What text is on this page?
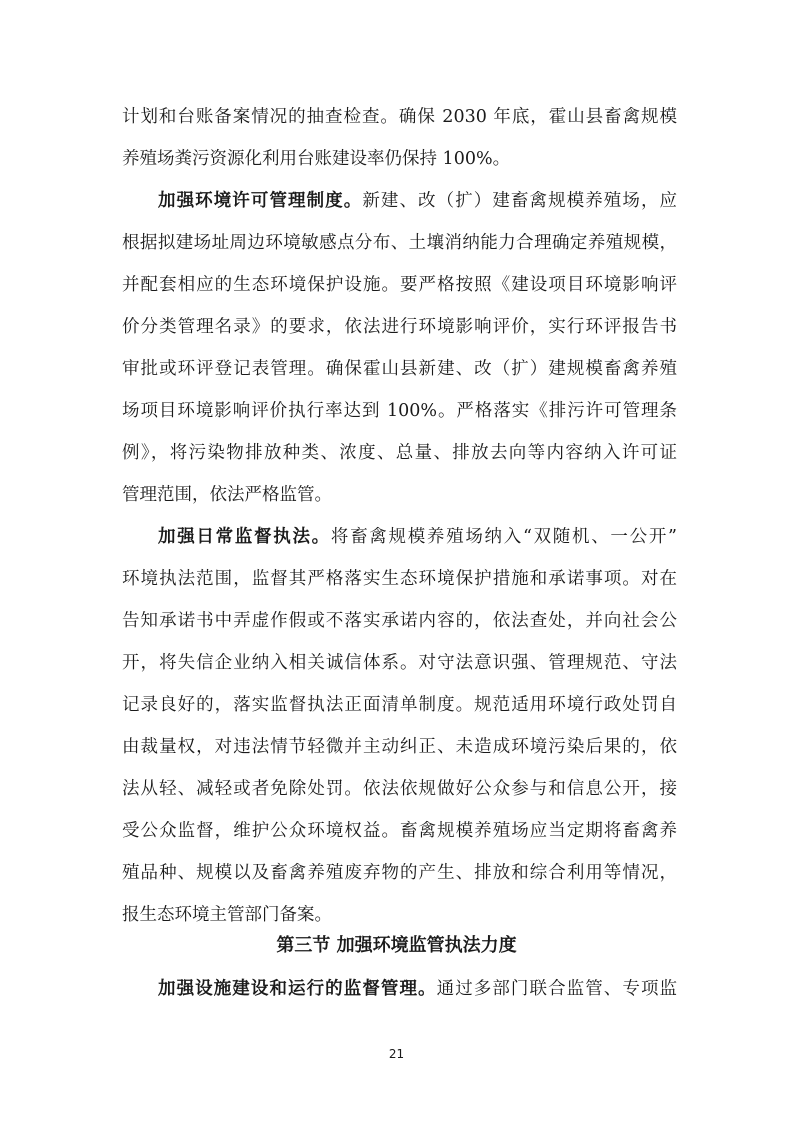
计划和台账备案情况的抽查检查。确保 2030 年底，霍山县畜禽规模
养殖场粪污资源化利用台账建设率仍保持 100%。
加强环境许可管理制度。新建、改（扩）建畜禽规模养殖场，应
根据拟建场址周边环境敏感点分布、土壤消纳能力合理确定养殖规模，
并配套相应的生态环境保护设施。要严格按照《建设项目环境影响评
价分类管理名录》的要求，依法进行环境影响评价，实行环评报告书
审批或环评登记表管理。确保霍山县新建、改（扩）建规模畜禽养殖
场项目环境影响评价执行率达到 100%。严格落实《排污许可管理条
例》，将污染物排放种类、浓度、总量、排放去向等内容纳入许可证
管理范围，依法严格监管。
加强日常监督执法。将畜禽规模养殖场纳入“双随机、一公开”
环境执法范围，监督其严格落实生态环境保护措施和承诺事项。对在
告知承诺书中弄虚作假或不落实承诺内容的，依法查处，并向社会公
开，将失信企业纳入相关诚信体系。对守法意识强、管理规范、守法
记录良好的，落实监督执法正面清单制度。规范适用环境行政处罚自
由裁量权，对违法情节轻微并主动纠正、未造成环境污染后果的，依
法从轻、减轻或者免除处罚。依法依规做好公众参与和信息公开，接
受公众监督，维护公众环境权益。畜禽规模养殖场应当定期将畜禽养
殖品种、规模以及畜禽养殖废弃物的产生、排放和综合利用等情况，
报生态环境主管部门备案。
第三节 加强环境监管执法力度
加强设施建设和运行的监督管理。通过多部门联合监管、专项监
21
